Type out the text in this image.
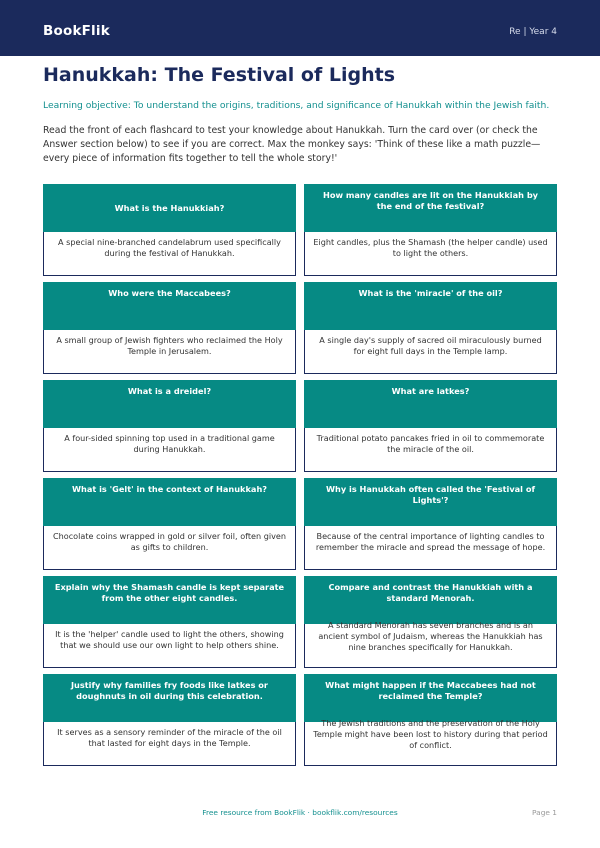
BookFlik	Re | Year 4
Hanukkah: The Festival of Lights
Learning objective: To understand the origins, traditions, and significance of Hanukkah within the Jewish faith.
Read the front of each flashcard to test your knowledge about Hanukkah. Turn the card over (or check the Answer section below) to see if you are correct. Max the monkey says: 'Think of these like a math puzzle—every piece of information fits together to tell the whole story!'
What is the Hanukkiah?
A special nine-branched candelabrum used specifically during the festival of Hanukkah.
How many candles are lit on the Hanukkiah by the end of the festival?
Eight candles, plus the Shamash (the helper candle) used to light the others.
Who were the Maccabees?
A small group of Jewish fighters who reclaimed the Holy Temple in Jerusalem.
What is the 'miracle' of the oil?
A single day's supply of sacred oil miraculously burned for eight full days in the Temple lamp.
What is a dreidel?
A four-sided spinning top used in a traditional game during Hanukkah.
What are latkes?
Traditional potato pancakes fried in oil to commemorate the miracle of the oil.
What is 'Gelt' in the context of Hanukkah?
Chocolate coins wrapped in gold or silver foil, often given as gifts to children.
Why is Hanukkah often called the 'Festival of Lights'?
Because of the central importance of lighting candles to remember the miracle and spread the message of hope.
Explain why the Shamash candle is kept separate from the other eight candles.
It is the 'helper' candle used to light the others, showing that we should use our own light to help others shine.
Compare and contrast the Hanukkiah with a standard Menorah.
A standard Menorah has seven branches and is an ancient symbol of Judaism, whereas the Hanukkiah has nine branches specifically for Hanukkah.
Justify why families fry foods like latkes or doughnuts in oil during this celebration.
It serves as a sensory reminder of the miracle of the oil that lasted for eight days in the Temple.
What might happen if the Maccabees had not reclaimed the Temple?
The Jewish traditions and the preservation of the Holy Temple might have been lost to history during that period of conflict.
Free resource from BookFlik · bookflik.com/resources	Page 1
